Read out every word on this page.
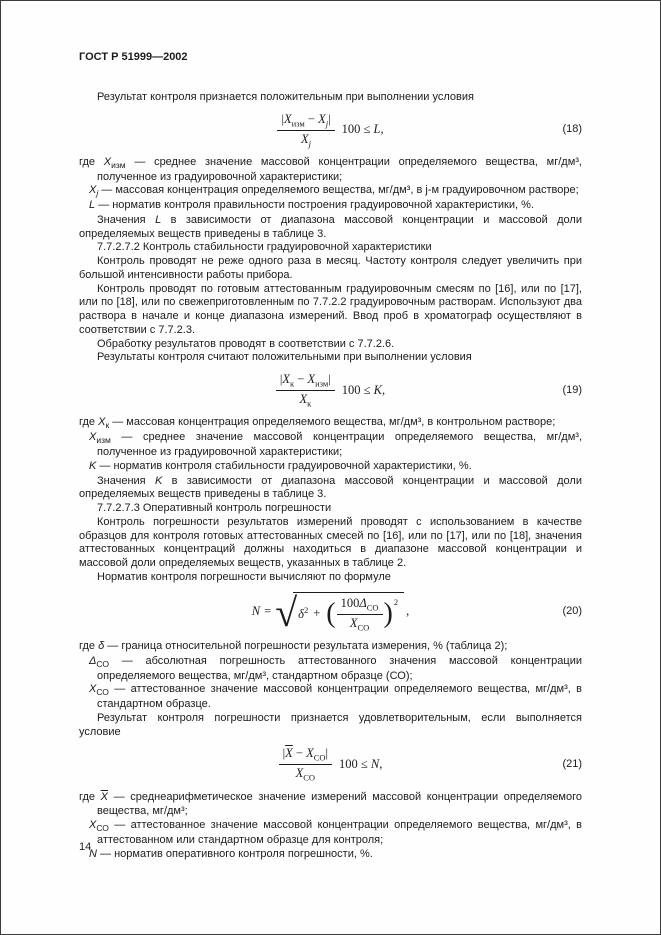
ГОСТ Р 51999—2002

Результат контроля признается положительным при выполнении условия

$\frac{|X_{изм} - X_j|}{X_j} 100 \le L$,	(18)

где $X_{изм}$ — среднее значение массовой концентрации определяемого вещества, мг/дм³, полученное из градуировочной характеристики;

$X_j$ — массовая концентрация определяемого вещества, мг/дм³, в j-м градуировочном растворе;

L — норматив контроля правильности построения градуировочной характеристики, %.

Значения L в зависимости от диапазона массовой концентрации и массовой доли определяемых веществ приведены в таблице 3.

7.7.2.7.2 Контроль стабильности градуировочной характеристики

Контроль проводят не реже одного раза в месяц. Частоту контроля следует увеличить при большой интенсивности работы прибора.

Контроль проводят по готовым аттестованным градуировочным смесям по [16], или по [17], или по [18], или по свежеприготовленным по 7.7.2.2 градуировочным растворам. Используют два раствора в начале и конце диапазона измерений. Ввод проб в хроматограф осуществляют в соответствии с 7.7.2.3.

Обработку результатов проводят в соответствии с 7.7.2.6.

Результаты контроля считают положительными при выполнении условия

$\frac{|X_к - X_{изм}|}{X_к} 100 \le K$,	(19)

где $X_к$ — массовая концентрация определяемого вещества, мг/дм³, в контрольном растворе;

$X_{изм}$ — среднее значение массовой концентрации определяемого вещества, мг/дм³, полученное из градуировочной характеристики;

K — норматив контроля стабильности градуировочной характеристики, %.

Значения K в зависимости от диапазона массовой концентрации и массовой доли определяемых веществ приведены в таблице 3.

7.7.2.7.3 Оперативный контроль погрешности

Контроль погрешности результатов измерений проводят с использованием в качестве образцов для контроля готовых аттестованных смесей по [16], или по [17], или по [18], значения аттестованных концентраций должны находиться в диапазоне массовой концентрации и массовой доли определяемых веществ, указанных в таблице 2.

Норматив контроля погрешности вычисляют по формуле

N = √ $\delta^2$ + ( $\frac{100\Delta_{СО}}{X_{СО}} )^2$
,	(20)

где δ — граница относительной погрешности результата измерения, % (таблица 2);

$\Delta_{СО}$ — абсолютная погрешность аттестованного значения массовой концентрации определяемого вещества, мг/дм³, стандартном образце (СО);

$X_{СО}$ — аттестованное значение массовой концентрации определяемого вещества, мг/дм³, в стандартном образце.

Результат контроля погрешности признается удовлетворительным, если выполняется условие

$\frac{|\overline{X} - X_{СО}|}{X_{СО}} 100 \le N$,	(21)

где $\overline{X}$ — среднеарифметическое значение измерений массовой концентрации определяемого вещества, мг/дм³;

$X_{СО}$ — аттестованное значение массовой концентрации определяемого вещества, мг/дм³, в аттестованном или стандартном образце для контроля;

N — норматив оперативного контроля погрешности, %.

14
